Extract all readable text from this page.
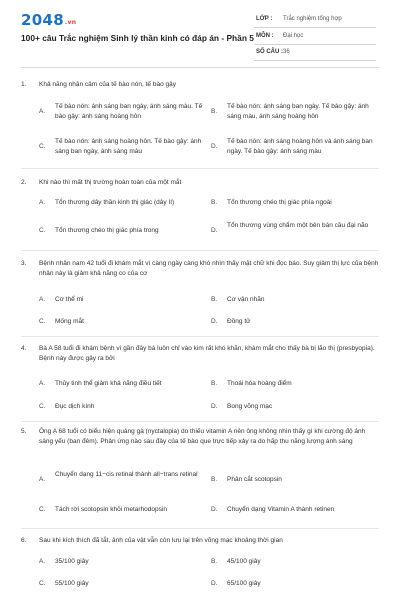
2048.vn
100+ câu Trắc nghiệm Sinh lý thần kinh có đáp án - Phần 5
LỚP : Trắc nghiệm tổng hợp
MÔN : Đại học
SỐ CÂU : 36
1. Khả năng nhận cảm của tế bào nón, tế bào gậy
A.
Tế bào nón: ánh sáng ban ngày, ánh sáng màu. Tế bào gậy: ánh sáng hoàng hôn
B.
Tế bào nón: ánh sáng ban ngày. Tế bào gậy: ánh sáng màu, ánh sáng hoàng hôn
C.
Tế bào nón: ánh sáng hoàng hôn. Tế bào gậy: ánh sáng ban ngày, ánh sáng màu
D.
Tế bào nón: ánh sáng hoàng hôn và ánh sáng ban ngày. Tế bào gậy: ánh sáng màu
2. Khi nào thì mất thị trường hoàn toàn của một mắt
A. Tổn thương dây thần kinh thị giác (dây II)	B. Tổn thương chéo thị giác phía ngoài
C. Tổn thương chéo thị giác phía trong	D.
Tổn thương vùng chẩm một bên bán cầu đại não
3. Bệnh nhân nam 42 tuổi đi khám mắt vì càng ngày càng khó nhìn thấy mặt chữ khi đọc báo. Suy giảm thị lực của bệnh nhân này là giảm khả năng co của cơ
A. Cơ thể mi	B. Cơ vận nhãn
C. Mống mắt	D. Đồng tử
4. Bà A 58 tuổi đi khám bệnh vì gần đây bà luôn chỉ vào kim rất khó khăn, khám mắt cho thấy bà bị lão thị (presbyopia). Bệnh này được gây ra bởi
A. Thủy tinh thể giảm khả năng điều tiết	B. Thoái hóa hoàng điểm
C. Đục dịch kính	D. Bong võng mạc
5. Ông A 68 tuổi có biểu hiện quáng gà (nyctalopia) do thiếu vitamin A nên ông không nhìn thấy gì khi cường độ ánh sáng yếu (ban đêm). Phản ứng nào sau đây của tế bào que trực tiếp xảy ra do hấp thu năng lượng ánh sáng
A.
Chuyển dạng 11−cis retinal thành all−trans retinal
B. Phân cắt scotopsin
C. Tách rời scotopsin khỏi metarhodopsin	D. Chuyển dạng Vitamin A thành retinen
6. Sau khi kích thích đã tắt, ảnh của vật vẫn còn lưu lại trên võng mạc khoảng thời gian
A. 35/100 giây	B. 45/100 giây
C. 55/100 giây	D. 65/100 giây
